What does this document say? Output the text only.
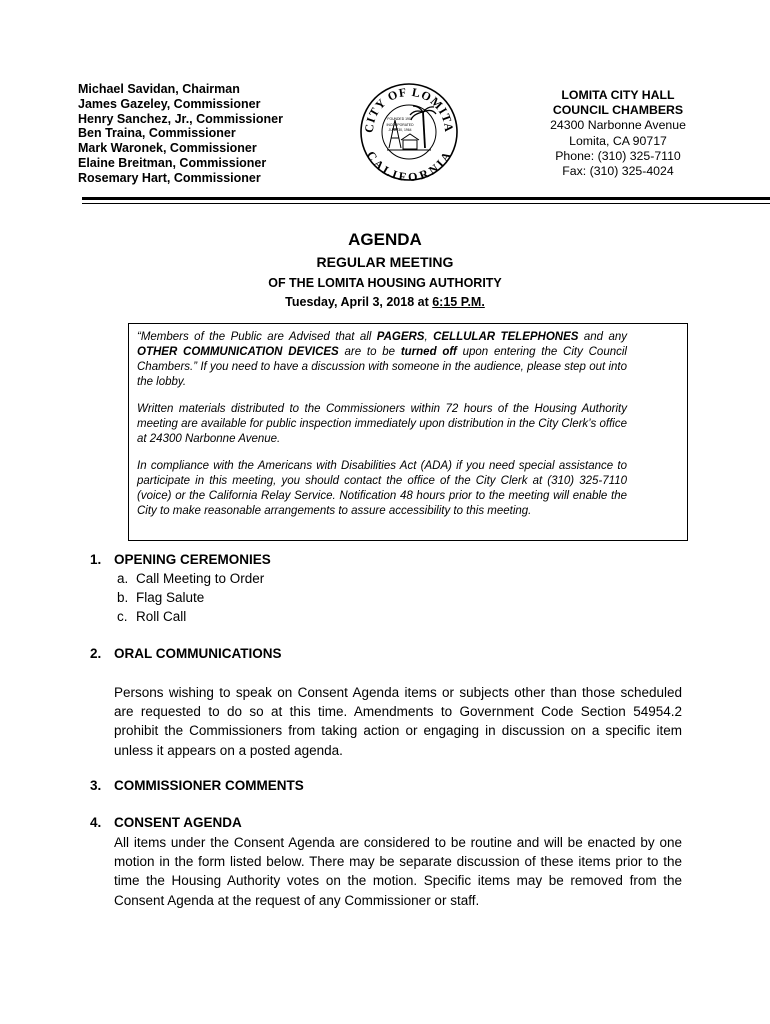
Michael Savidan, Chairman
James Gazeley, Commissioner
Henry Sanchez, Jr., Commissioner
Ben Traina, Commissioner
Mark Waronek, Commissioner
Elaine Breitman, Commissioner
Rosemary Hart, Commissioner
CITY OF LOMITA
CALIFORNIA
FOUNDED 1907
INCORPORATED
JUNE 30, 1964
LOMITA CITY HALL
COUNCIL CHAMBERS
24300 Narbonne Avenue
Lomita, CA 90717
Phone: (310) 325-7110
Fax: (310) 325-4024
AGENDA
REGULAR MEETING
OF THE LOMITA HOUSING AUTHORITY
Tuesday, April 3, 2018 at 6:15 P.M.

“Members of the Public are Advised that all PAGERS, CELLULAR TELEPHONES and any OTHER COMMUNICATION DEVICES are to be turned off upon entering the City Council Chambers.” If you need to have a discussion with someone in the audience, please step out into the lobby.

Written materials distributed to the Commissioners within 72 hours of the Housing Authority meeting are available for public inspection immediately upon distribution in the City Clerk’s office at 24300 Narbonne Avenue.

In compliance with the Americans with Disabilities Act (ADA) if you need special assistance to participate in this meeting, you should contact the office of the City Clerk at (310) 325-7110 (voice) or the California Relay Service. Notification 48 hours prior to the meeting will enable the City to make reasonable arrangements to assure accessibility to this meeting.

1. OPENING CEREMONIES
a. Call Meeting to Order
b. Flag Salute
c. Roll Call
2. ORAL COMMUNICATIONS
Persons wishing to speak on Consent Agenda items or subjects other than those scheduled are requested to do so at this time. Amendments to Government Code Section 54954.2 prohibit the Commissioners from taking action or engaging in discussion on a specific item unless it appears on a posted agenda.
3. COMMISSIONER COMMENTS
4. CONSENT AGENDA
All items under the Consent Agenda are considered to be routine and will be enacted by one motion in the form listed below. There may be separate discussion of these items prior to the time the Housing Authority votes on the motion. Specific items may be removed from the Consent Agenda at the request of any Commissioner or staff.
